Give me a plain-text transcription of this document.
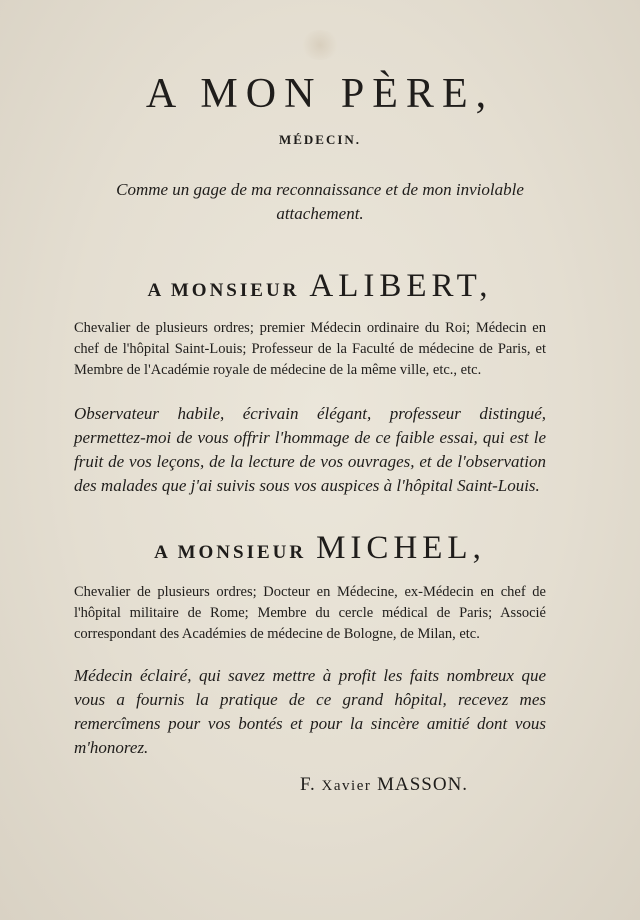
A MON PÈRE,
MÉDECIN.

Comme un gage de ma reconnaissance et de mon inviolable attachement.

A MONSIEUR ALIBERT,

Chevalier de plusieurs ordres; premier Médecin ordinaire du Roi; Médecin en chef de l'hôpital Saint-Louis; Professeur de la Faculté de médecine de Paris, et Membre de l'Académie royale de médecine de la même ville, etc., etc.

Observateur habile, écrivain élégant, professeur distingué, permettez-moi de vous offrir l'hommage de ce faible essai, qui est le fruit de vos leçons, de la lecture de vos ouvrages, et de l'observation des malades que j'ai suivis sous vos auspices à l'hôpital Saint-Louis.

A MONSIEUR MICHEL,

Chevalier de plusieurs ordres; Docteur en Médecine, ex-Médecin en chef de l'hôpital militaire de Rome; Membre du cercle médical de Paris; Associé correspondant des Académies de médecine de Bologne, de Milan, etc.

Médecin éclairé, qui savez mettre à profit les faits nombreux que vous a fournis la pratique de ce grand hôpital, recevez mes remercîmens pour vos bontés et pour la sincère amitié dont vous m'honorez.

F. Xavier MASSON.
